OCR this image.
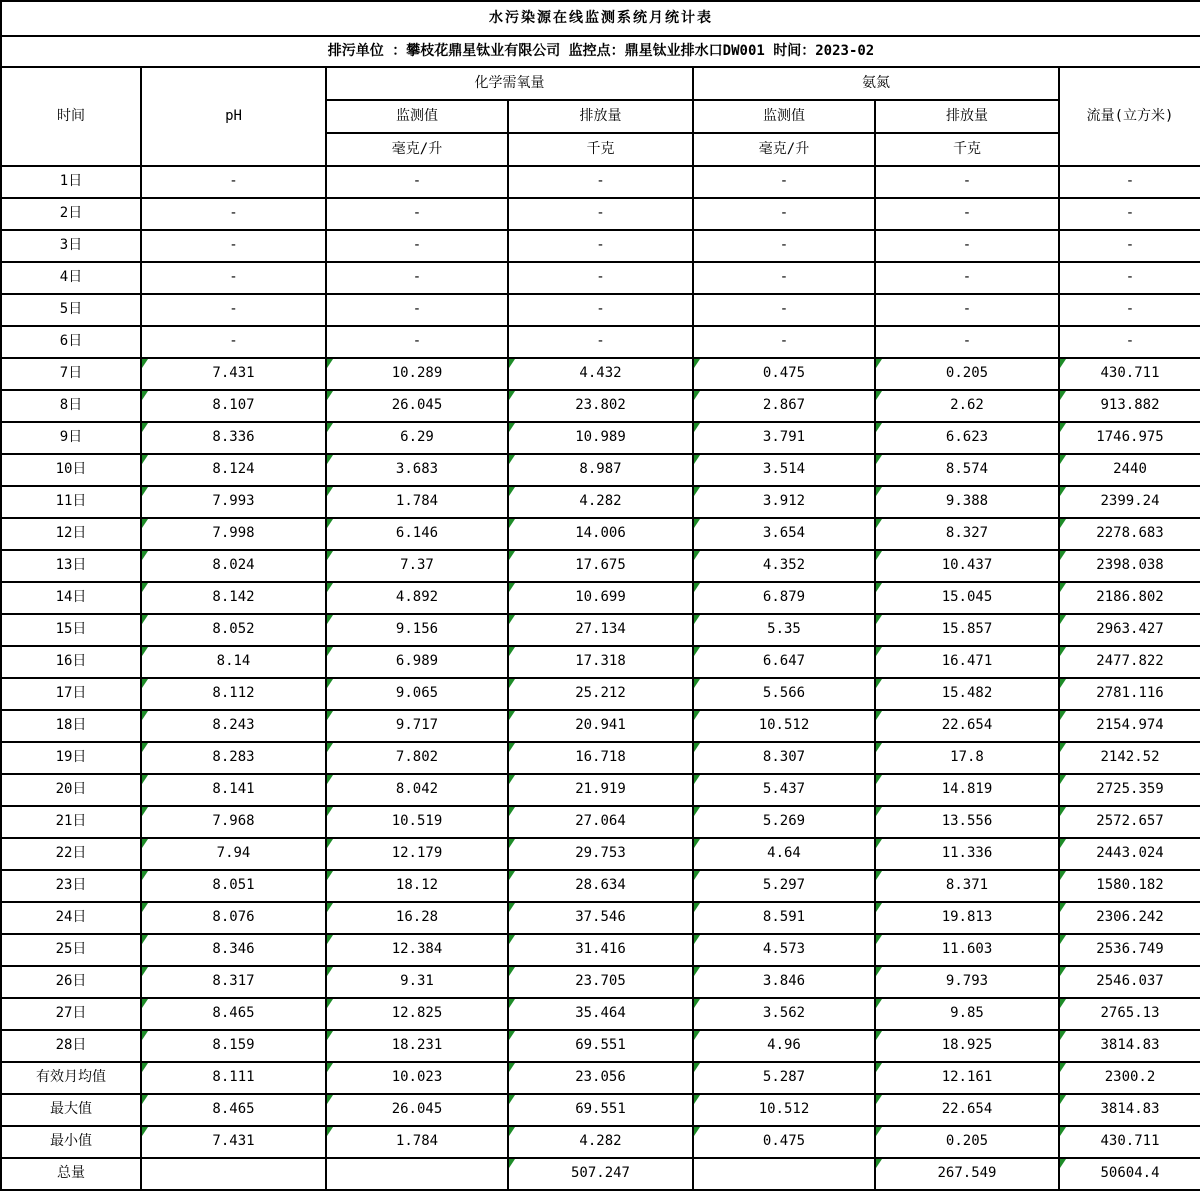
水污染源在线监测系统月统计表						
排污单位 ：攀枝花鼎星钛业有限公司 监控点：鼎星钛业排水口DW001 时间：2023-02						
时间	pH	化学需氧量		氨氮		流量(立方米)
		监测值	排放量	监测值	排放量	
		毫克/升	千克	毫克/升	千克	
1日	-	-	-	-	-	-
2日	-	-	-	-	-	-
3日	-	-	-	-	-	-
4日	-	-	-	-	-	-
5日	-	-	-	-	-	-
6日	-	-	-	-	-	-
7日	7.431	10.289	4.432	0.475	0.205	430.711
8日	8.107	26.045	23.802	2.867	2.62	913.882
9日	8.336	6.29	10.989	3.791	6.623	1746.975
10日	8.124	3.683	8.987	3.514	8.574	2440
11日	7.993	1.784	4.282	3.912	9.388	2399.24
12日	7.998	6.146	14.006	3.654	8.327	2278.683
13日	8.024	7.37	17.675	4.352	10.437	2398.038
14日	8.142	4.892	10.699	6.879	15.045	2186.802
15日	8.052	9.156	27.134	5.35	15.857	2963.427
16日	8.14	6.989	17.318	6.647	16.471	2477.822
17日	8.112	9.065	25.212	5.566	15.482	2781.116
18日	8.243	9.717	20.941	10.512	22.654	2154.974
19日	8.283	7.802	16.718	8.307	17.8	2142.52
20日	8.141	8.042	21.919	5.437	14.819	2725.359
21日	7.968	10.519	27.064	5.269	13.556	2572.657
22日	7.94	12.179	29.753	4.64	11.336	2443.024
23日	8.051	18.12	28.634	5.297	8.371	1580.182
24日	8.076	16.28	37.546	8.591	19.813	2306.242
25日	8.346	12.384	31.416	4.573	11.603	2536.749
26日	8.317	9.31	23.705	3.846	9.793	2546.037
27日	8.465	12.825	35.464	3.562	9.85	2765.13
28日	8.159	18.231	69.551	4.96	18.925	3814.83
有效月均值	8.111	10.023	23.056	5.287	12.161	2300.2
最大值	8.465	26.045	69.551	10.512	22.654	3814.83
最小值	7.431	1.784	4.282	0.475	0.205	430.711
总量			507.247		267.549	50604.4
